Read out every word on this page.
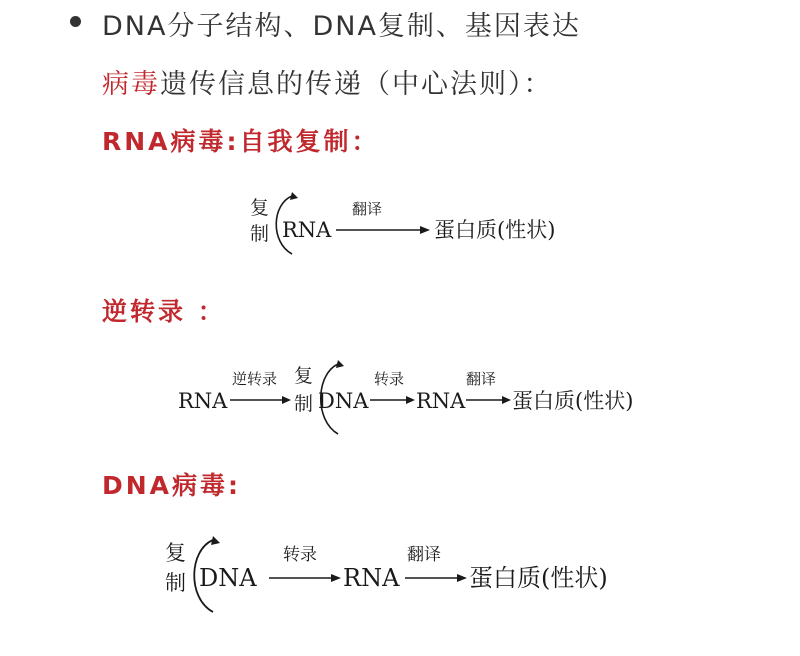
DNA分子结构、DNA复制、基因表达
病毒遗传信息的传递（中心法则）：
RNA病毒:自我复制：
复
制 RNA
翻译
蛋白质(性状)
逆转录 ：
RNA
逆转录 复
制 DNA
转录
RNA
翻译
蛋白质(性状)
DNA病毒:
复
制 DNA
转录
RNA
翻译
蛋白质(性状)
